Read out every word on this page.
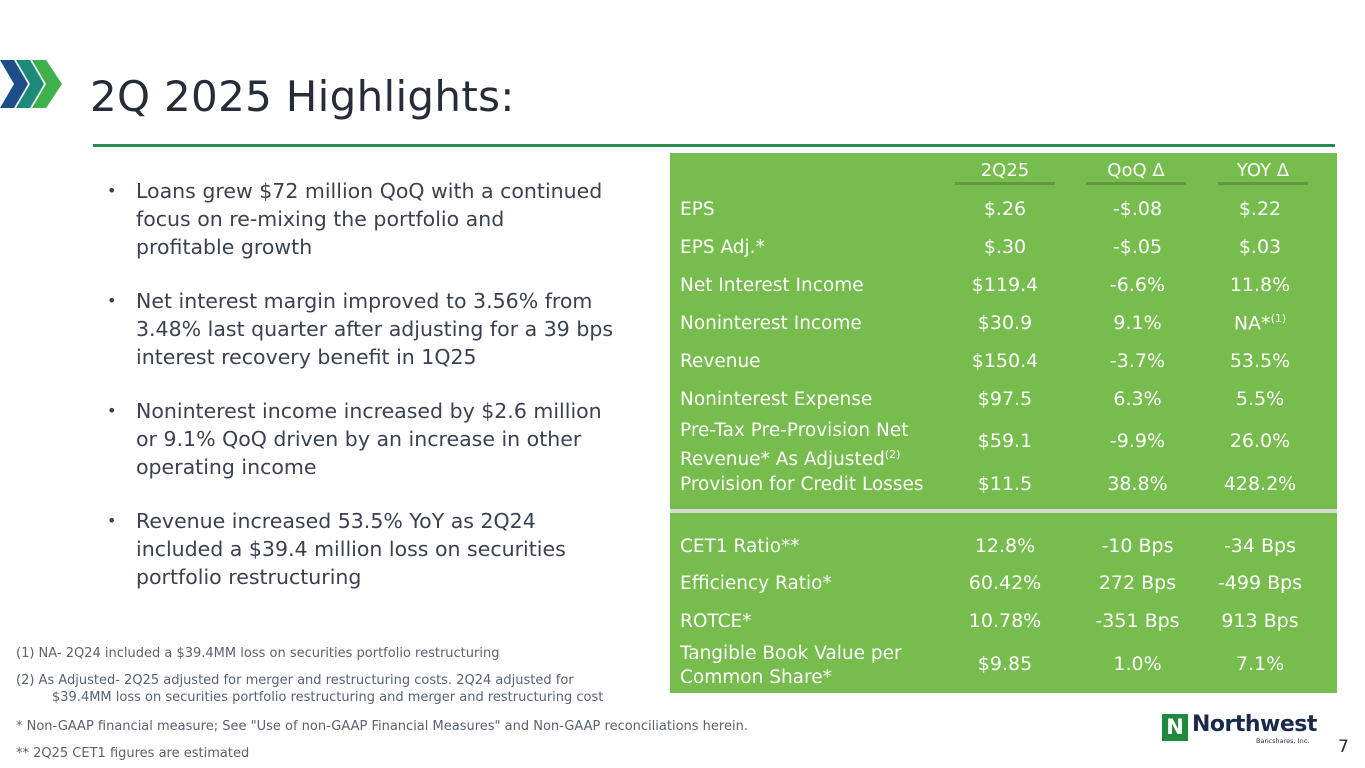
2Q 2025 Highlights:
• Loans grew $72 million QoQ with a continued
focus on re-mixing the portfolio and
profitable growth
• Net interest margin improved to 3.56% from
3.48% last quarter after adjusting for a 39 bps
interest recovery benefit in 1Q25
• Noninterest income increased by $2.6 million
or 9.1% QoQ driven by an increase in other
operating income
• Revenue increased 53.5% YoY as 2Q24
included a $39.4 million loss on securities
portfolio restructuring
2Q25	QoQ Δ	YOY Δ
EPS	$.26	-$.08	$.22
EPS Adj.*	$.30	-$.05	$.03
Net Interest Income	$119.4	-6.6%	11.8%
Noninterest Income	$30.9	9.1%	NA*$^{(1)}$
Revenue	$150.4	-3.7%	53.5%
Noninterest Expense	$97.5	6.3%	5.5%
Pre-Tax Pre-Provision Net
Revenue* As Adjusted$^{(2)}$
$59.1	-9.9%	26.0%
Provision for Credit Losses	$11.5	38.8%	428.2%
CET1 Ratio**	12.8%	-10 Bps	-34 Bps
Efficiency Ratio*	60.42%	272 Bps	-499 Bps
ROTCE*	10.78%	-351 Bps	913 Bps
Tangible Book Value per
Common Share*
$9.85	1.0%	7.1%
(1) NA- 2Q24 included a $39.4MM loss on securities portfolio restructuring
(2) As Adjusted- 2Q25 adjusted for merger and restructuring costs. 2Q24 adjusted for
$39.4MM loss on securities portfolio restructuring and merger and restructuring cost
* Non-GAAP financial measure; See "Use of non-GAAP Financial Measures" and Non-GAAP reconciliations herein.
** 2Q25 CET1 figures are estimated
N Northwest
Bancshares, Inc. 7
